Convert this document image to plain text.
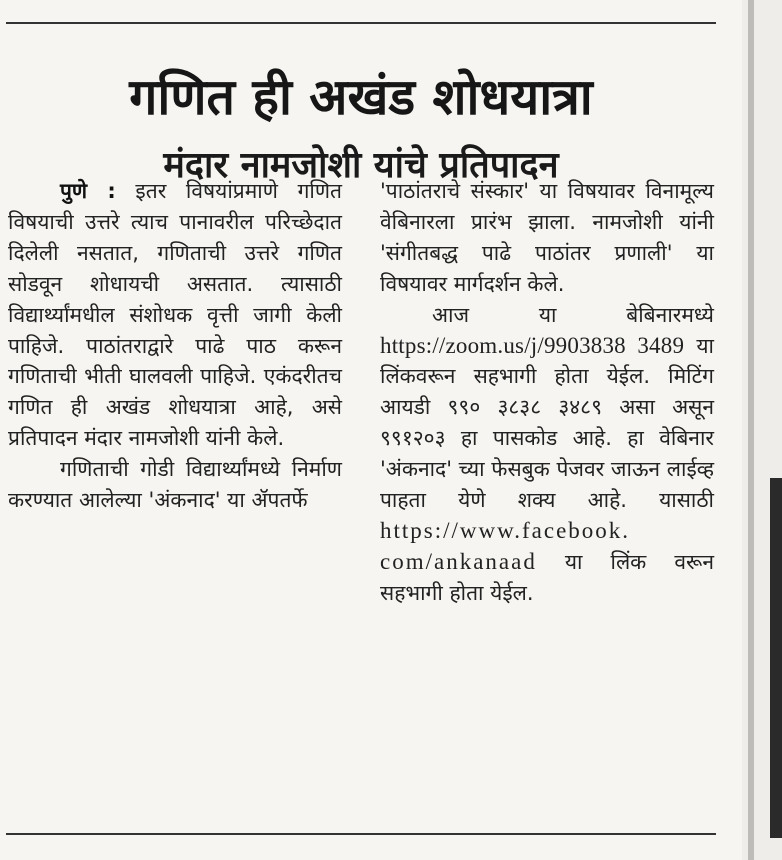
गणित ही अखंड शोधयात्रा
मंदार नामजोशी यांचे प्रतिपादन

पुणे : इतर विषयांप्रमाणे गणित विषयाची उत्तरे त्याच पानावरील परिच्छेदात दिलेली नसतात, गणिताची उत्तरे गणित सोडवून शोधायची असतात. त्यासाठी विद्यार्थ्यांमधील संशोधक वृत्ती जागी केली पाहिजे. पाठांतराद्वारे पाढे पाठ करून गणिताची भीती घालवली पाहिजे. एकंदरीतच गणित ही अखंड शोधयात्रा आहे, असे प्रतिपादन मंदार नामजोशी यांनी केले.

गणिताची गोडी विद्यार्थ्यांमध्ये निर्माण करण्यात आलेल्या 'अंकनाद' या ॲपतर्फे

'पाठांतराचे संस्कार' या विषयावर विनामूल्य वेबिनारला प्रारंभ झाला. नामजोशी यांनी 'संगीतबद्ध पाढे पाठांतर प्रणाली' या विषयावर मार्गदर्शन केले.

आज या बेबिनारमध्ये https://zoom.us/j/9903838 3489 या लिंकवरून सहभागी होता येईल. मिटिंग आयडी ९९० ३८३८ ३४८९ असा असून ९९१२०३ हा पासकोड आहे. हा वेबिनार 'अंकनाद' च्या फेसबुक पेजवर जाऊन लाईव्ह पाहता येणे शक्य आहे. यासाठी https://www.facebook. com/ankanaad या लिंक वरून सहभागी होता येईल.
